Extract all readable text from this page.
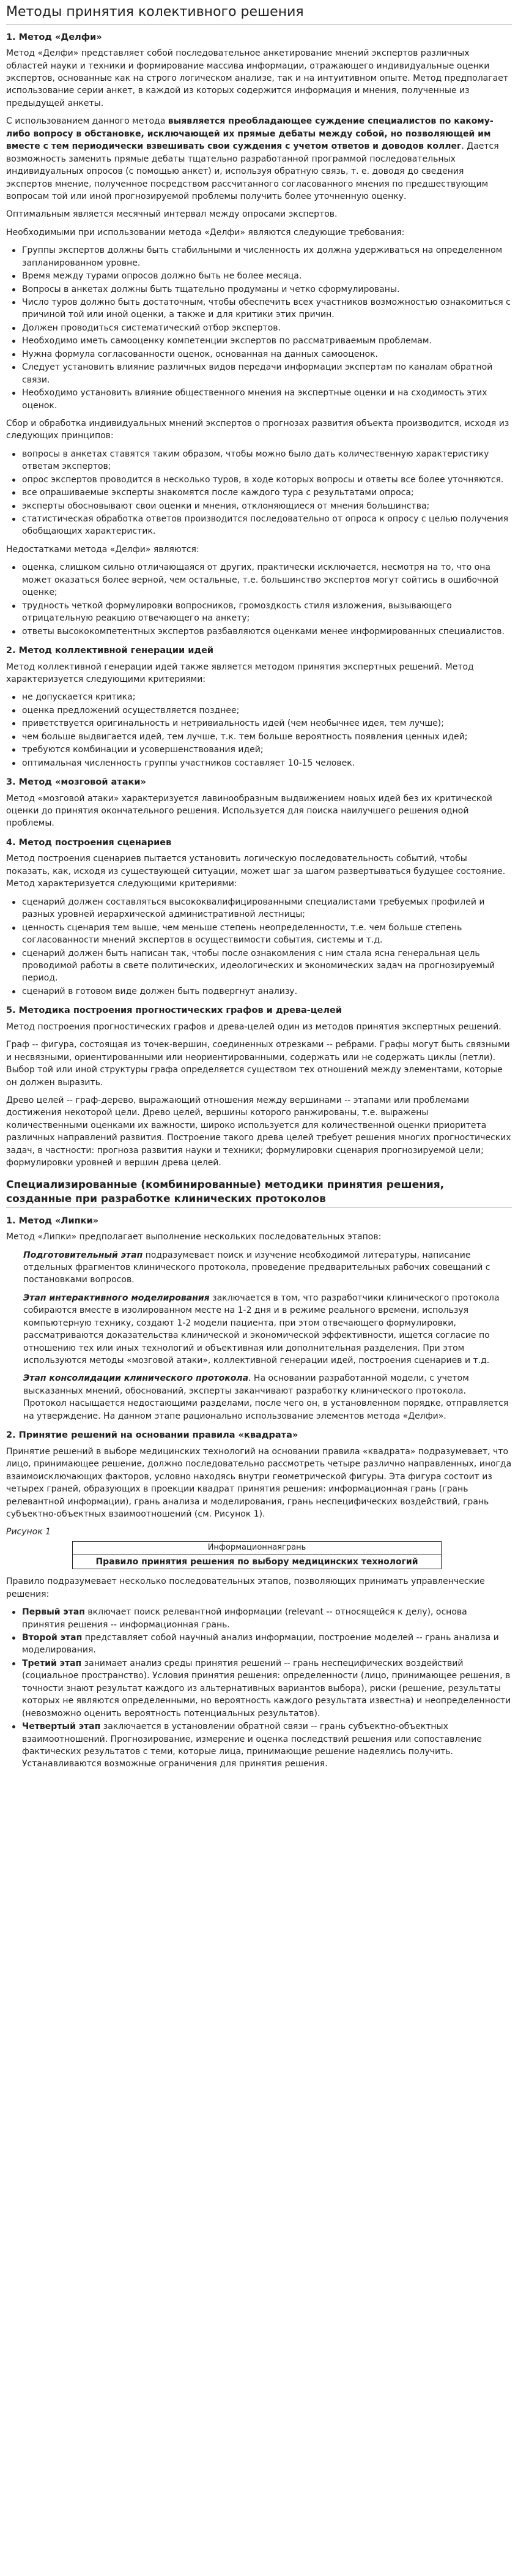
Методы принятия колективного решения
1. Метод «Делфи»

Метод «Делфи» представляет собой последовательное анкетирование мнений экспертов различных областей науки и техники и формирование массива информации, отражающего индивидуальные оценки экспертов, основанные как на строго логическом анализе, так и на интуитивном опыте. Метод предполагает использование серии анкет, в каждой из которых содержится информация и мнения, полученные из предыдущей анкеты.

С использованием данного метода выявляется преобладающее суждение специалистов по какому-либо вопросу в обстановке, исключающей их прямые дебаты между собой, но позволяющей им вместе с тем периодически взвешивать свои суждения с учетом ответов и доводов коллег. Дается возможность заменить прямые дебаты тщательно разработанной программой последовательных индивидуальных опросов (с помощью анкет) и, используя обратную связь, т. е. доводя до сведения экспертов мнение, полученное посредством рассчитанного согласованного мнения по предшествующим вопросам той или иной прогнозируемой проблемы получить более уточненную оценку.

Оптимальным является месячный интервал между опросами экспертов.

Необходимыми при использовании метода «Делфи» являются следующие требования:

Группы экспертов должны быть стабильными и численность их должна удерживаться на определенном запланированном уровне.
Время между турами опросов должно быть не более месяца.
Вопросы в анкетах должны быть тщательно продуманы и четко сформулированы.
Число туров должно быть достаточным, чтобы обеспечить всех участников возможностью ознакомиться с причиной той или иной оценки, а также и для критики этих причин.
Должен проводиться систематический отбор экспертов.
Необходимо иметь самооценку компетенции экспертов по рассматриваемым проблемам.
Нужна формула согласованности оценок, основанная на данных самооценок.
Следует установить влияние различных видов передачи информации экспертам по каналам обратной связи.
Необходимо установить влияние общественного мнения на экспертные оценки и на сходимость этих оценок.

Сбор и обработка индивидуальных мнений экспертов о прогнозах развития объекта производится, исходя из следующих принципов:

вопросы в анкетах ставятся таким образом, чтобы можно было дать количественную характеристику ответам экспертов;
опрос экспертов проводится в несколько туров, в ходе которых вопросы и ответы все более уточняются.
все опрашиваемые эксперты знакомятся после каждого тура с результатами опроса;
эксперты обосновывают свои оценки и мнения, отклоняющиеся от мнения большинства;
статистическая обработка ответов производится последовательно от опроса к опросу с целью получения обобщающих характеристик.

Недостатками метода «Делфи» являются:

оценка, слишком сильно отличающаяся от других, практически исключается, несмотря на то, что она может оказаться более верной, чем остальные, т.е. большинство экспертов могут сойтись в ошибочной оценке;
трудность четкой формулировки вопросников, громоздкость стиля изложения, вызывающего отрицательную реакцию отвечающего на анкету;
ответы высококомпетентных экспертов разбавляются оценками менее информированных специалистов.
2. Метод коллективной генерации идей

Метод коллективной генерации идей также является методом принятия экспертных решений. Метод характеризуется следующими критериями:

не допускается критика;
оценка предложений осуществляется позднее;
приветствуется оригинальность и нетривиальность идей (чем необычнее идея, тем лучше);
чем больше выдвигается идей, тем лучше, т.к. тем больше вероятность появления ценных идей;
требуются комбинации и усовершенствования идей;
оптимальная численность группы участников составляет 10-15 человек.
3. Метод «мозговой атаки»

Метод «мозговой атаки» характеризуется лавинообразным выдвижением новых идей без их критической оценки до принятия окончательного решения. Используется для поиска наилучшего решения одной проблемы.

4. Метод построения сценариев

Метод построения сценариев пытается установить логическую последовательность событий, чтобы показать, как, исходя из существующей ситуации, может шаг за шагом развертываться будущее состояние. Метод характеризуется следующими критериями:

сценарий должен составляться высококвалифицированными специалистами требуемых профилей и разных уровней иерархической административной лестницы;
ценность сценария тем выше, чем меньше степень неопределенности, т.е. чем больше степень согласованности мнений экспертов в осуществимости события, системы и т.д.
сценарий должен быть написан так, чтобы после ознакомления с ним стала ясна генеральная цель проводимой работы в свете политических, идеологических и экономических задач на прогнозируемый период.
сценарий в готовом виде должен быть подвергнут анализу.
5. Методика построения прогностических графов и древа-целей

Метод построения прогностических графов и древа-целей один из методов принятия экспертных решений.

Граф -- фигура, состоящая из точек-вершин, соединенных отрезками -- ребрами. Графы могут быть связными и несвязными, ориентированными или неориентированными, содержать или не содержать циклы (петли). Выбор той или иной структуры графа определяется существом тех отношений между элементами, которые он должен выразить.

Древо целей -- граф-дерево, выражающий отношения между вершинами -- этапами или проблемами достижения некоторой цели. Древо целей, вершины которого ранжированы, т.е. выражены количественными оценками их важности, широко используется для количественной оценки приоритета различных направлений развития. Построение такого древа целей требует решения многих прогностических задач, в частности: прогноза развития науки и техники; формулировки сценария прогнозируемой цели; формулировки уровней и вершин древа целей.

Специализированные (комбинированные) методики принятия решения, созданные при разработке клинических протоколов
1. Метод «Липки»

Метод «Липки» предполагает выполнение нескольких последовательных этапов:

Подготовительный этап подразумевает поиск и изучение необходимой литературы, написание отдельных фрагментов клинического протокола, проведение предварительных рабочих совещаний с постановками вопросов.

Этап интерактивного моделирования заключается в том, что разработчики клинического протокола собираются вместе в изолированном месте на 1-2 дня и в режиме реального времени, используя компьютерную технику, создают 1-2 модели пациента, при этом отвечающего формулировки, рассматриваются доказательства клинической и экономической эффективности, ищется согласие по отношению тех или иных технологий и объективная или дополнительная разделения. При этом используются методы «мозговой атаки», коллективной генерации идей, построения сценариев и т.д.

Этап консолидации клинического протокола. На основании разработанной модели, с учетом высказанных мнений, обоснований, эксперты заканчивают разработку клинического протокола. Протокол насыщается недостающими разделами, после чего он, в установленном порядке, отправляется на утверждение. На данном этапе рационально использование элементов метода «Делфи».

2. Принятие решений на основании правила «квадрата»

Принятие решений в выборе медицинских технологий на основании правила «квадрата» подразумевает, что лицо, принимающее решение, должно последовательно рассмотреть четыре различно направленных, иногда взаимоисключающих факторов, условно находясь внутри геометрической фигуры. Эта фигура состоит из четырех граней, образующих в проекции квадрат принятия решения: информационная грань (грань релевантной информации), грань анализа и моделирования, грань неспецифических воздействий, грань субъектно-объектных взаимоотношений (см. Рисунок 1).

Рисунок 1

	Информационнаягрань	
	Правило принятия решения по выбору медицинских технологий	

Правило подразумевает несколько последовательных этапов, позволяющих принимать управленческие решения:

Первый этап включает поиск релевантной информации (relevant -- относящейся к делу), основа принятия решения -- информационная грань.
Второй этап представляет собой научный анализ информации, построение моделей -- грань анализа и моделирования.
Третий этап занимает анализ среды принятия решений -- грань неспецифических воздействий (социальное пространство). Условия принятия решения: определенности (лицо, принимающее решения, в точности знают результат каждого из альтернативных вариантов выбора), риски (решение, результаты которых не являются определенными, но вероятность каждого результата известна) и неопределенности (невозможно оценить вероятность потенциальных результатов).
Четвертый этап заключается в установлении обратной связи -- грань субъектно-объектных взаимоотношений. Прогнозирование, измерение и оценка последствий решения или сопоставление фактических результатов с теми, которые лица, принимающие решение надеялись получить. Устанавливаются возможные ограничения для принятия решения.
